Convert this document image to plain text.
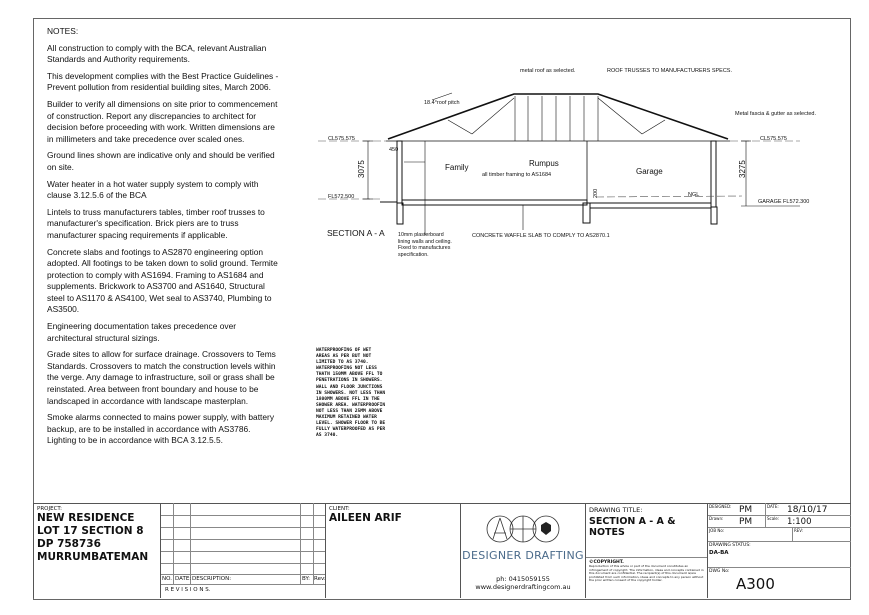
NOTES:

All construction to comply with the BCA, relevant Australian Standards and Authority requirements.

This development complies with the Best Practice Guidelines - Prevent pollution from residential building sites, March 2006.

Builder to verify all dimensions on site prior to commencement of construction. Report any discrepancies to architect for decision before proceeding with work. Written dimensions are in millimeters and take precedence over scaled ones.

Ground lines shown are indicative only and should be verified on site.

Water heater in a hot water supply system to comply with clause 3.12.5.6 of the BCA

Lintels to truss manufacturers tables, timber roof trusses to manufacturer's specification. Brick piers are to truss manufacturer spacing requirements if applicable.

Concrete slabs and footings to AS2870 engineering option adopted. All footings to be taken down to solid ground. Termite protection to comply with AS1694. Framing to AS1684 and supplements. Brickwork to AS3700 and AS1640, Structural steel to AS1170 & AS4100, Wet seal to AS3740, Plumbing to AS3500.

Engineering documentation takes precedence over architectural structural sizings.

Grade sites to allow for surface drainage. Crossovers to Tems Standards. Crossovers to match the construction levels within the verge. Any damage to infrastructure, soil or grass shall be reinstated. Area between front boundary and house to be landscaped in accordance with landscape masterplan.

Smoke alarms connected to mains power supply, with battery backup, are to be installed in accordance with AS3786. Lighting to be in accordance with BCA 3.12.5.5.

WATERPROOFING OF WET AREAS AS PER BUT NOT LIMITED TO AS 3740. WATERPROOFING NOT LESS THATN 150MM ABOVE FFL TO PENETRATIONS IN SHOWERS. WALL AND FLOOR JUNCTIONS IN SHOWERS. NOT LESS THAN 1800MM ABOVE FFL IN THE SHOWER AREA. WATERPROOFIN NOT LESS THAN 25MM ABOVE MAXIMUM RETAINED WATER LEVEL. SHOWER FLOOR TO BE FULLY WATERPROOFED AS PER AS 3740.
metal roof as selected.	ROOF TRUSSES TO MANUFACTURERS SPECS.
18.4°roof pitch
Metal fascia & gutter as selected.
CL575.575	CL575.575
FL572.500
GARAGE FL572.300
450
NGL
all timber framing to AS1684
CONCRETE WAFFLE SLAB TO COMPLY TO AS2870.1
3075	3275
200
Family	Rumpus
Garage
SECTION A - A	10mm plasterboard lining walls and ceiling. Fixed to manufactures specification.
PROJECT:
NEW RESIDENCE
LOT 17 SECTION 8
DP 758736
MURRUMBATEMAN
NO. DATE: DESCRIPTION:	BY: Rev:
R E V I S I O N S.
CLIENT:
AILEEN ARIF
DESIGNER DRAFTING
ph: 0415059155
www.designerdraftingcom.au
DRAWING TITLE:
SECTION A - A & NOTES
©COPYRIGHT.
Reproduction of this whole or part of the document constitutes an infringement of copyright. The information, ideas and concepts contained in this document are confidential. The recipient(s) of this document is/are prohibited from such information, ideas and concepts to any person without the prior written consent of the copyright holder.
DESIGNED: PM	DATE: 18/10/17
Drawn: PM	Scale: 1:100
JOB No:	REV:
DRAWING STATUS:
DA-BA
DWG No:
A300
